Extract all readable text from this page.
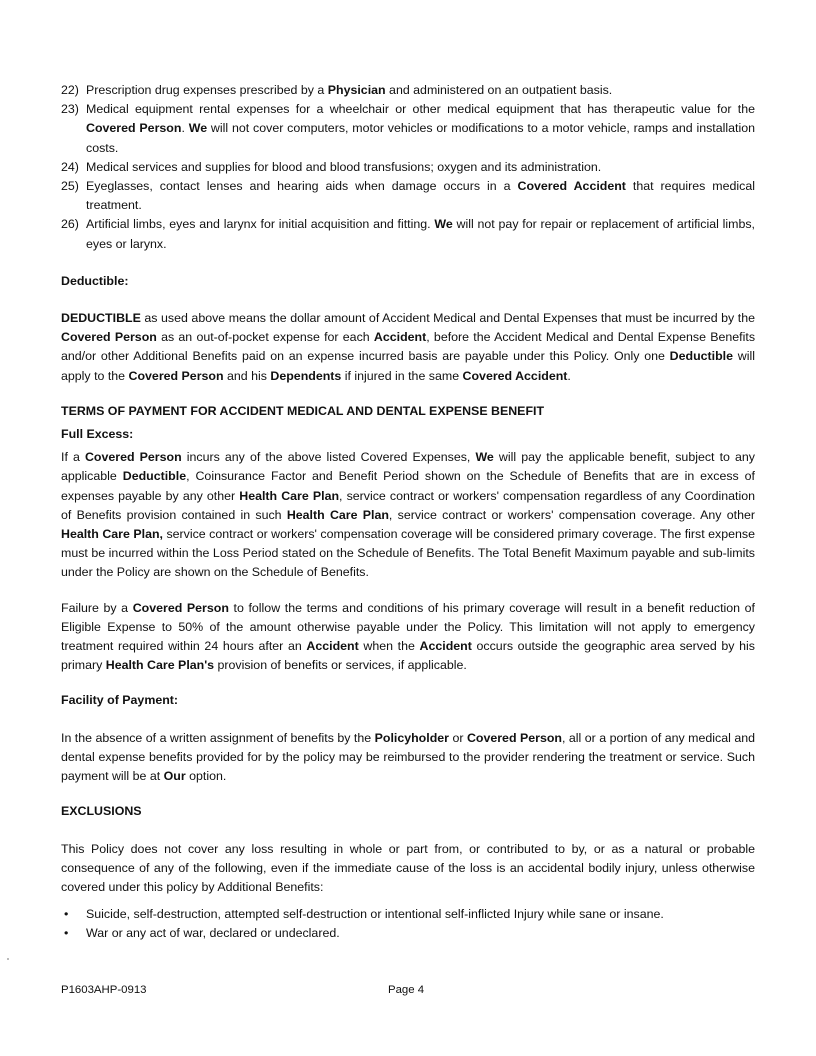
22) Prescription drug expenses prescribed by a Physician and administered on an outpatient basis.
23) Medical equipment rental expenses for a wheelchair or other medical equipment that has therapeutic value for the Covered Person. We will not cover computers, motor vehicles or modifications to a motor vehicle, ramps and installation costs.
24) Medical services and supplies for blood and blood transfusions; oxygen and its administration.
25) Eyeglasses, contact lenses and hearing aids when damage occurs in a Covered Accident that requires medical treatment.
26) Artificial limbs, eyes and larynx for initial acquisition and fitting. We will not pay for repair or replacement of artificial limbs, eyes or larynx.

Deductible:

DEDUCTIBLE as used above means the dollar amount of Accident Medical and Dental Expenses that must be incurred by the Covered Person as an out-of-pocket expense for each Accident, before the Accident Medical and Dental Expense Benefits and/or other Additional Benefits paid on an expense incurred basis are payable under this Policy. Only one Deductible will apply to the Covered Person and his Dependents if injured in the same Covered Accident.

TERMS OF PAYMENT FOR ACCIDENT MEDICAL AND DENTAL EXPENSE BENEFIT

Full Excess:

If a Covered Person incurs any of the above listed Covered Expenses, We will pay the applicable benefit, subject to any applicable Deductible, Coinsurance Factor and Benefit Period shown on the Schedule of Benefits that are in excess of expenses payable by any other Health Care Plan, service contract or workers' compensation regardless of any Coordination of Benefits provision contained in such Health Care Plan, service contract or workers' compensation coverage. Any other Health Care Plan, service contract or workers' compensation coverage will be considered primary coverage. The first expense must be incurred within the Loss Period stated on the Schedule of Benefits. The Total Benefit Maximum payable and sub-limits under the Policy are shown on the Schedule of Benefits.

Failure by a Covered Person to follow the terms and conditions of his primary coverage will result in a benefit reduction of Eligible Expense to 50% of the amount otherwise payable under the Policy. This limitation will not apply to emergency treatment required within 24 hours after an Accident when the Accident occurs outside the geographic area served by his primary Health Care Plan's provision of benefits or services, if applicable.

Facility of Payment:

In the absence of a written assignment of benefits by the Policyholder or Covered Person, all or a portion of any medical and dental expense benefits provided for by the policy may be reimbursed to the provider rendering the treatment or service. Such payment will be at Our option.

EXCLUSIONS

This Policy does not cover any loss resulting in whole or part from, or contributed to by, or as a natural or probable consequence of any of the following, even if the immediate cause of the loss is an accidental bodily injury, unless otherwise covered under this policy by Additional Benefits:

• Suicide, self-destruction, attempted self-destruction or intentional self-inflicted Injury while sane or insane.
• War or any act of war, declared or undeclared.
P1603AHP-0913	Page 4
